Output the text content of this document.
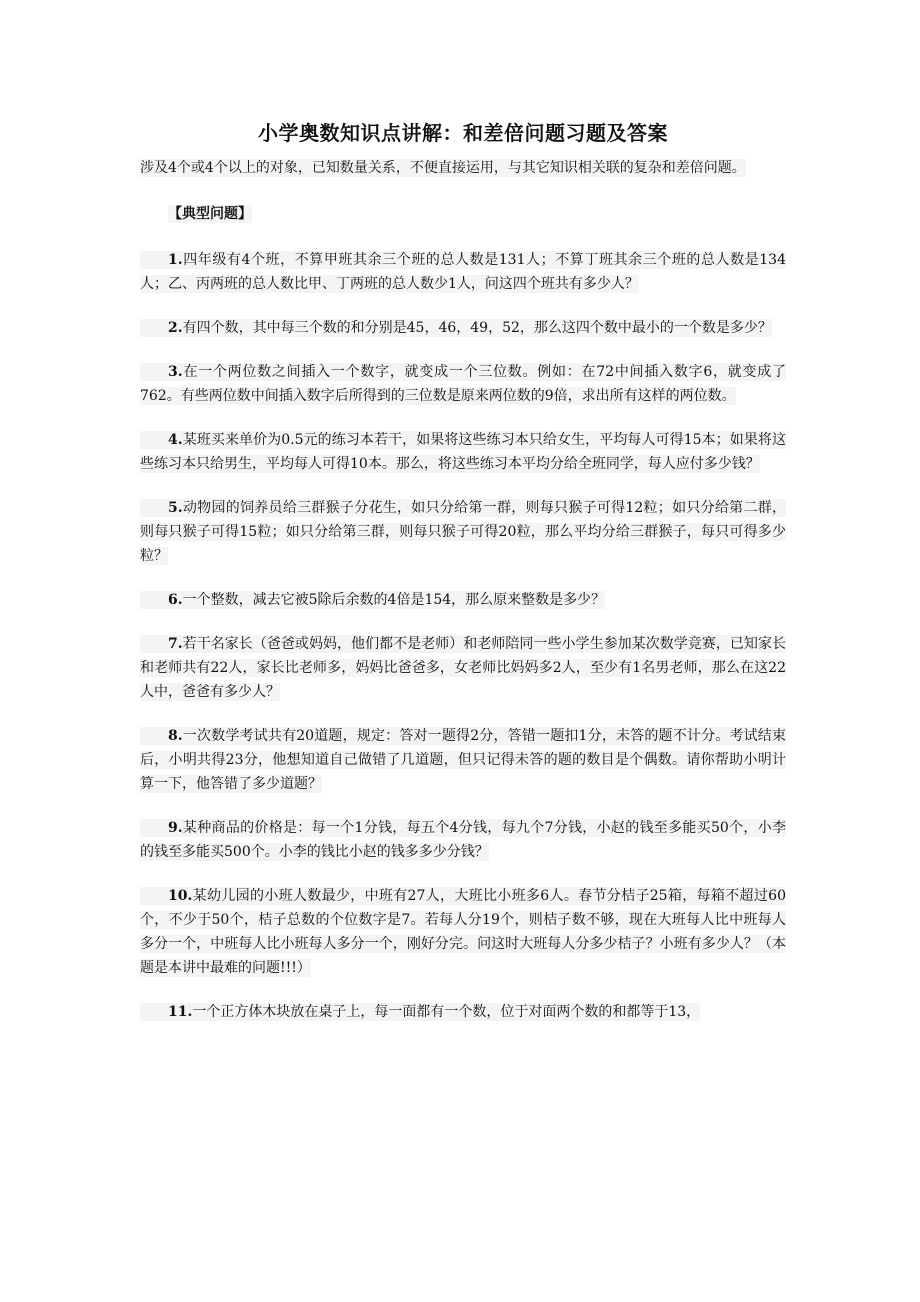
小学奥数知识点讲解：和差倍问题习题及答案

涉及4个或4个以上的对象，已知数量关系，不便直接运用，与其它知识相关联的复杂和差倍问题。

【典型问题】

1.四年级有4个班，不算甲班其余三个班的总人数是131人；不算丁班其余三个班的总人数是134人；乙、丙两班的总人数比甲、丁两班的总人数少1人，问这四个班共有多少人？

2.有四个数，其中每三个数的和分别是45，46，49，52，那么这四个数中最小的一个数是多少？

3.在一个两位数之间插入一个数字，就变成一个三位数。例如：在72中间插入数字6，就变成了762。有些两位数中间插入数字后所得到的三位数是原来两位数的9倍，求出所有这样的两位数。

4.某班买来单价为0.5元的练习本若干，如果将这些练习本只给女生，平均每人可得15本；如果将这些练习本只给男生，平均每人可得10本。那么，将这些练习本平均分给全班同学，每人应付多少钱？

5.动物园的饲养员给三群猴子分花生，如只分给第一群，则每只猴子可得12粒；如只分给第二群，则每只猴子可得15粒；如只分给第三群，则每只猴子可得20粒，那么平均分给三群猴子，每只可得多少粒？

6.一个整数，减去它被5除后余数的4倍是154，那么原来整数是多少？

7.若干名家长（爸爸或妈妈，他们都不是老师）和老师陪同一些小学生参加某次数学竞赛，已知家长和老师共有22人，家长比老师多，妈妈比爸爸多，女老师比妈妈多2人，至少有1名男老师，那么在这22人中，爸爸有多少人？

8.一次数学考试共有20道题，规定：答对一题得2分，答错一题扣1分，未答的题不计分。考试结束后，小明共得23分，他想知道自己做错了几道题，但只记得未答的题的数目是个偶数。请你帮助小明计算一下，他答错了多少道题？

9.某种商品的价格是：每一个1分钱，每五个4分钱，每九个7分钱，小赵的钱至多能买50个，小李的钱至多能买500个。小李的钱比小赵的钱多多少分钱？

10.某幼儿园的小班人数最少，中班有27人，大班比小班多6人。春节分桔子25箱，每箱不超过60个，不少于50个，桔子总数的个位数字是7。若每人分19个，则桔子数不够，现在大班每人比中班每人多分一个，中班每人比小班每人多分一个，刚好分完。问这时大班每人分多少桔子？小班有多少人？（本题是本讲中最难的问题!!!）

11.一个正方体木块放在桌子上，每一面都有一个数，位于对面两个数的和都等于13，
